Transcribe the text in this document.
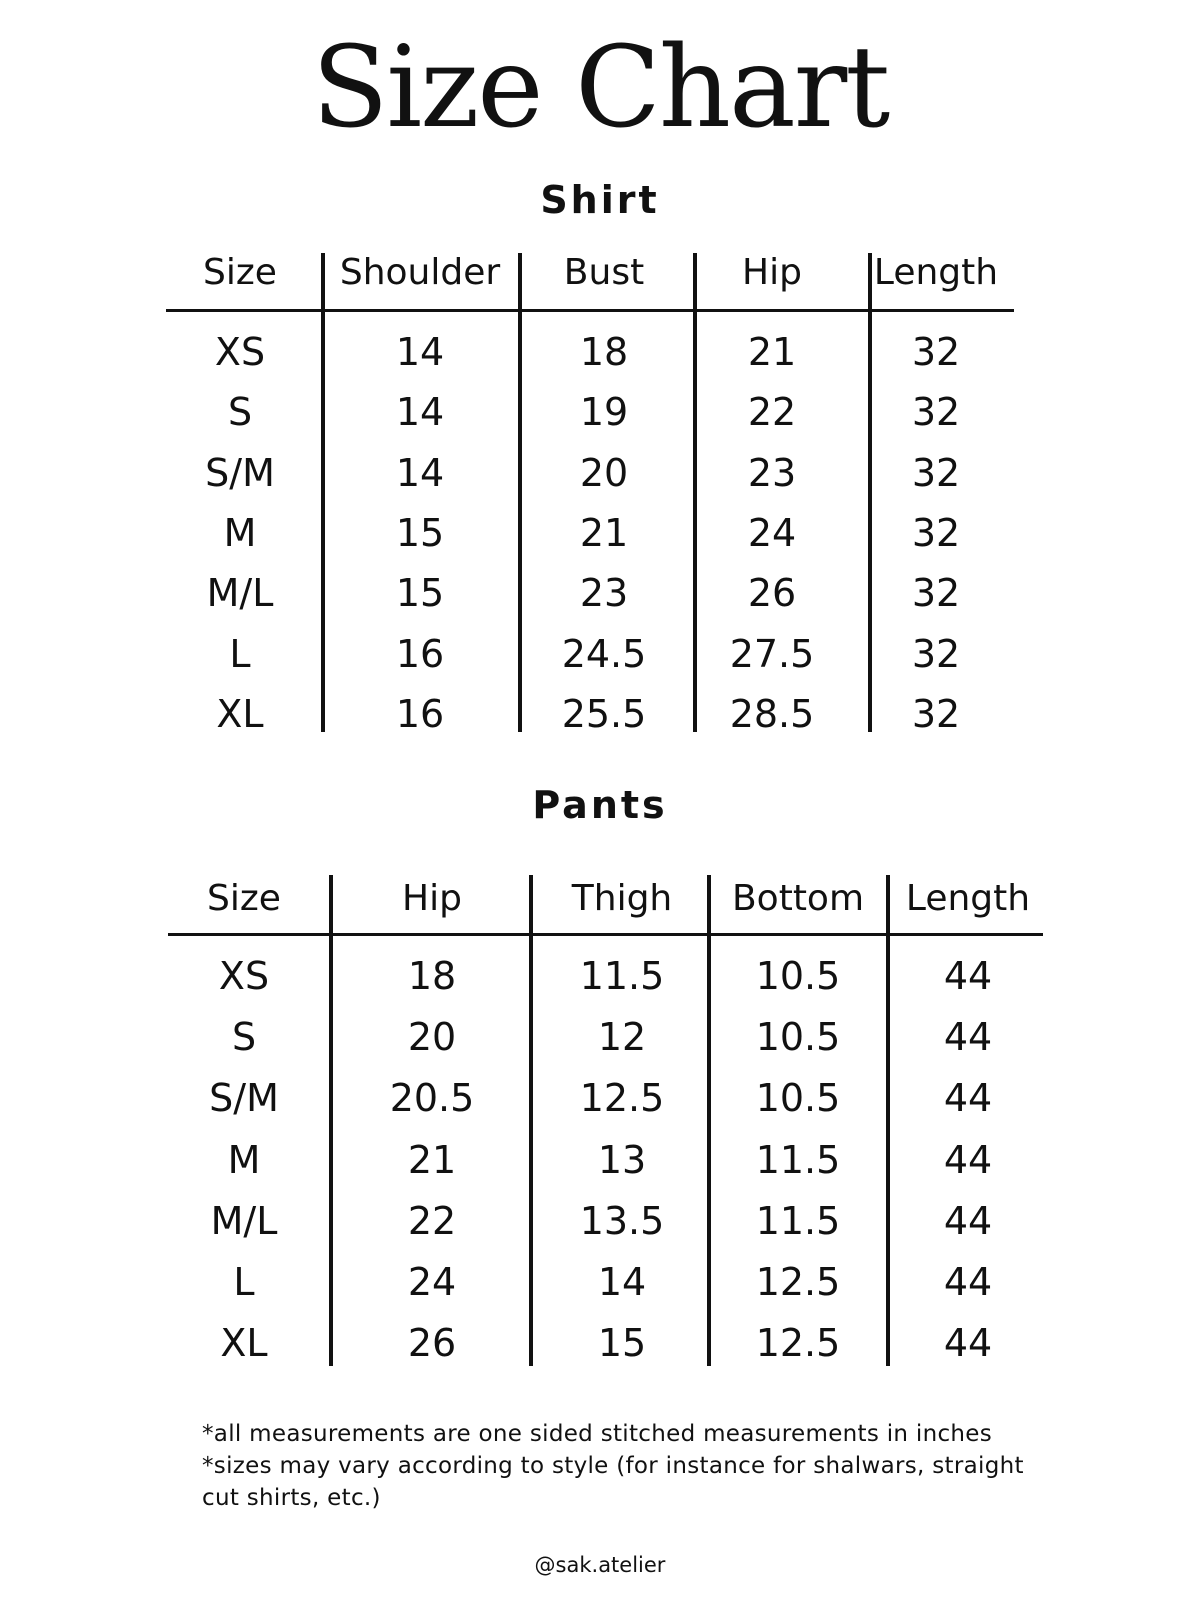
Size Chart
Shirt
Pants
*all measurements are one sided stitched measurements in inches
*sizes may vary according to style (for instance for shalwars, straight
cut shirts, etc.)
@sak.atelier
Size Shoulder Bust	Hip Length
XS	14	18	21	32
S	14	19	22	32
S/M	14	20	23	32
M	15	21	24	32
M/L	15	23	26	32
L	16	24.5 27.5	32
XL	16	25.5 28.5	32
Size	Hip	Thigh Bottom Length
XS	18	11.5 10.5	44
S	20	12	10.5	44
S/M	20.5	12.5 10.5	44
M	21	13	11.5	44
M/L	22	13.5 11.5	44
L	24	14	12.5	44
XL	26	15	12.5	44
